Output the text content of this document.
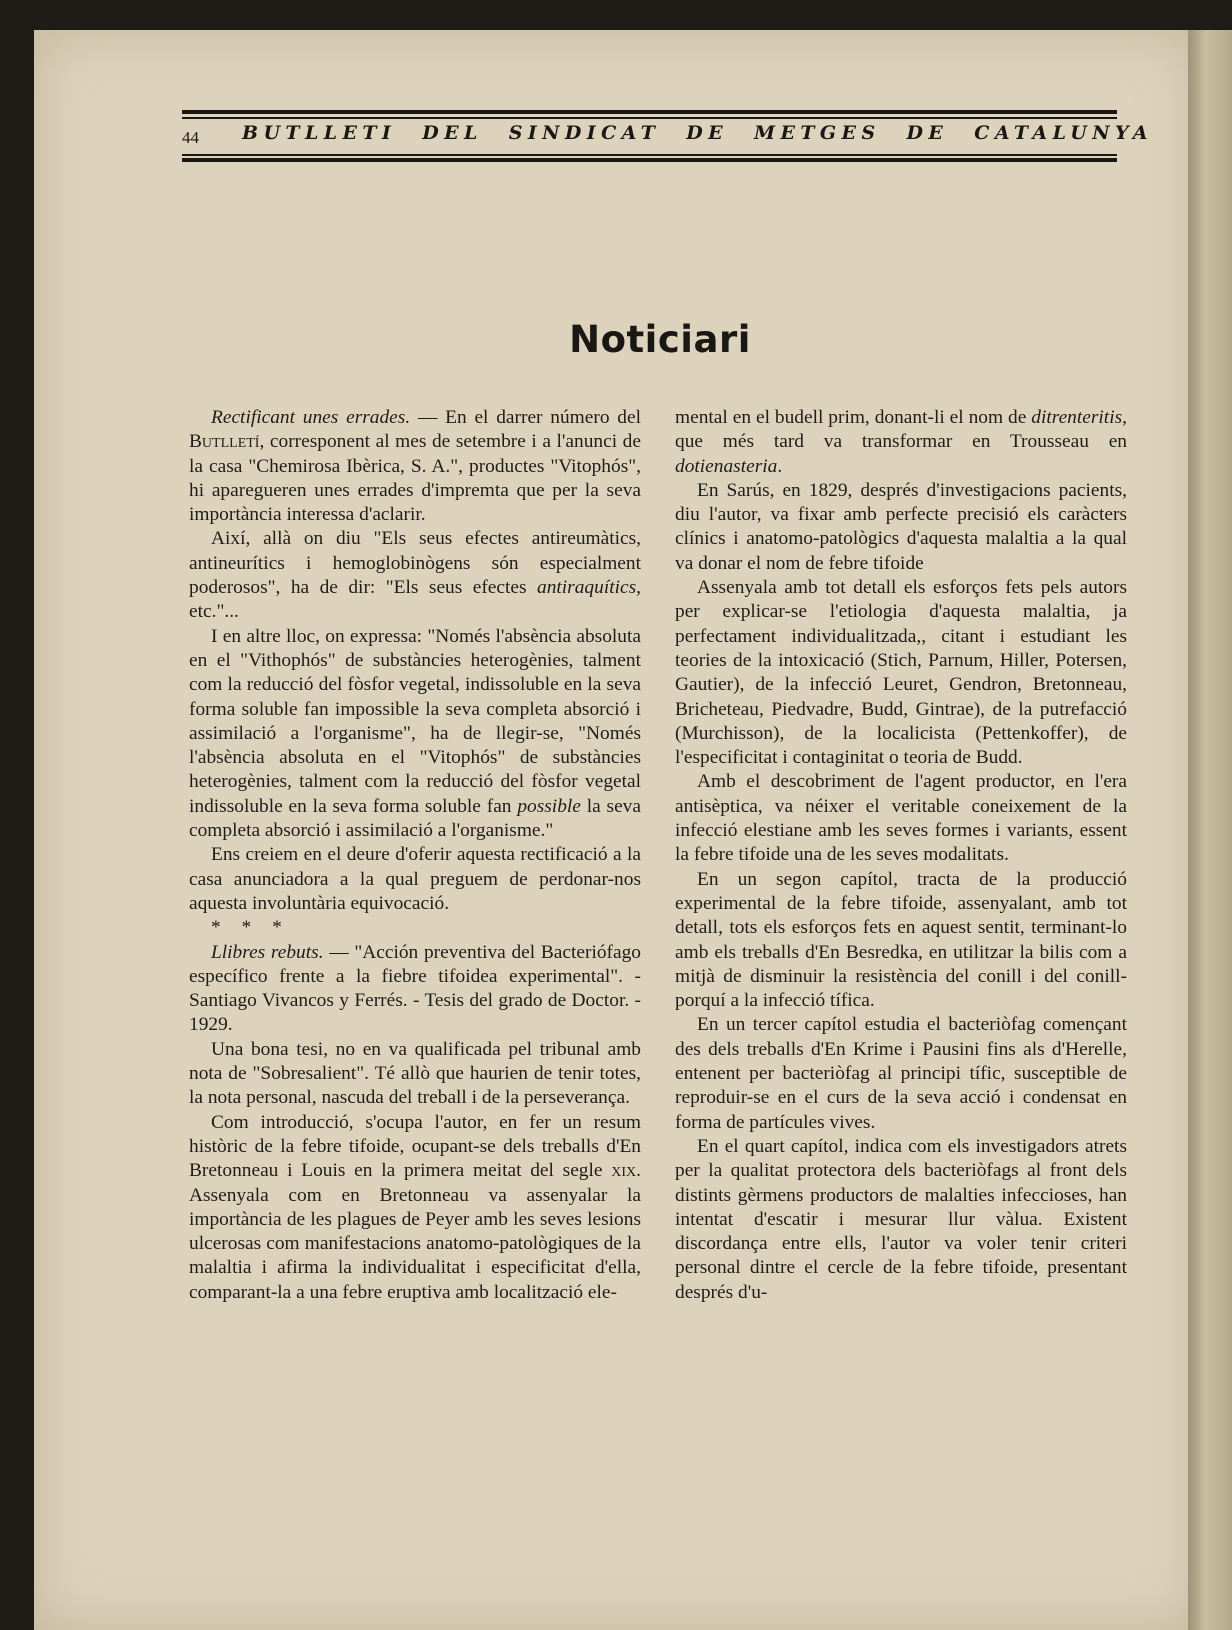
44 BUTLLETI DEL SINDICAT DE METGES DE CATALUNYA
Noticiari

Rectificant unes errades. — En el darrer número del Butlletí, corresponent al mes de setembre i a l'anunci de la casa "Chemirosa Ibèrica, S. A.", productes "Vitophós", hi aparegueren unes errades d'impremta que per la seva importància interessa d'aclarir.

Així, allà on diu "Els seus efectes antireumàtics, antineurítics i hemoglobinògens són especialment poderosos", ha de dir: "Els seus efectes antiraquítics, etc."...

I en altre lloc, on expressa: "Només l'absència absoluta en el "Vithophós" de substàncies heterogènies, talment com la reducció del fòsfor vegetal, indissoluble en la seva forma soluble fan impossible la seva completa absorció i assimilació a l'organisme", ha de llegir-se, "Només l'absència absoluta en el "Vitophós" de substàncies heterogènies, talment com la reducció del fòsfor vegetal indissoluble en la seva forma soluble fan possible la seva completa absorció i assimilació a l'organisme."

Ens creiem en el deure d'oferir aquesta rectificació a la casa anunciadora a la qual preguem de perdonar-nos aquesta involuntària equivocació.

* * *

Llibres rebuts. — "Acción preventiva del Bacteriófago específico frente a la fiebre tifoidea experimental". - Santiago Vivancos y Ferrés. - Tesis del grado de Doctor. - 1929.

Una bona tesi, no en va qualificada pel tribunal amb nota de "Sobresalient". Té allò que haurien de tenir totes, la nota personal, nascuda del treball i de la perseverança.

Com introducció, s'ocupa l'autor, en fer un resum històric de la febre tifoide, ocupant-se dels treballs d'En Bretonneau i Louis en la primera meitat del segle xix. Assenyala com en Bretonneau va assenyalar la importància de les plagues de Peyer amb les seves lesions ulcerosas com manifestacions anatomo-patològiques de la malaltia i afirma la individualitat i especificitat d'ella, comparant-la a una febre eruptiva amb localització ele-

mental en el budell prim, donant-li el nom de ditrenteritis, que més tard va transformar en Trousseau en dotienasteria.

En Sarús, en 1829, després d'investigacions pacients, diu l'autor, va fixar amb perfecte precisió els caràcters clínics i anatomo-patològics d'aquesta malaltia a la qual va donar el nom de febre tifoide

Assenyala amb tot detall els esforços fets pels autors per explicar-se l'etiologia d'aquesta malaltia, ja perfectament individualitzada,, citant i estudiant les teories de la intoxicació (Stich, Parnum, Hiller, Potersen, Gautier), de la infecció Leuret, Gendron, Bretonneau, Bricheteau, Piedvadre, Budd, Gintrae), de la putrefacció (Murchisson), de la localicista (Pettenkoffer), de l'especificitat i contaginitat o teoria de Budd.

Amb el descobriment de l'agent productor, en l'era antisèptica, va néixer el veritable coneixement de la infecció elestiane amb les seves formes i variants, essent la febre tifoide una de les seves modalitats.

En un segon capítol, tracta de la producció experimental de la febre tifoide, assenyalant, amb tot detall, tots els esforços fets en aquest sentit, terminant-lo amb els treballs d'En Besredka, en utilitzar la bilis com a mitjà de disminuir la resistència del conill i del conill-porquí a la infecció tífica.

En un tercer capítol estudia el bacteriòfag començant des dels treballs d'En Krime i Pausini fins als d'Herelle, entenent per bacteriòfag al principi tífic, susceptible de reproduir-se en el curs de la seva acció i condensat en forma de partícules vives.

En el quart capítol, indica com els investigadors atrets per la qualitat protectora dels bacteriòfags al front dels distints gèrmens productors de malalties infeccioses, han intentat d'escatir i mesurar llur vàlua. Existent discordança entre ells, l'autor va voler tenir criteri personal dintre el cercle de la febre tifoide, presentant després d'u-
